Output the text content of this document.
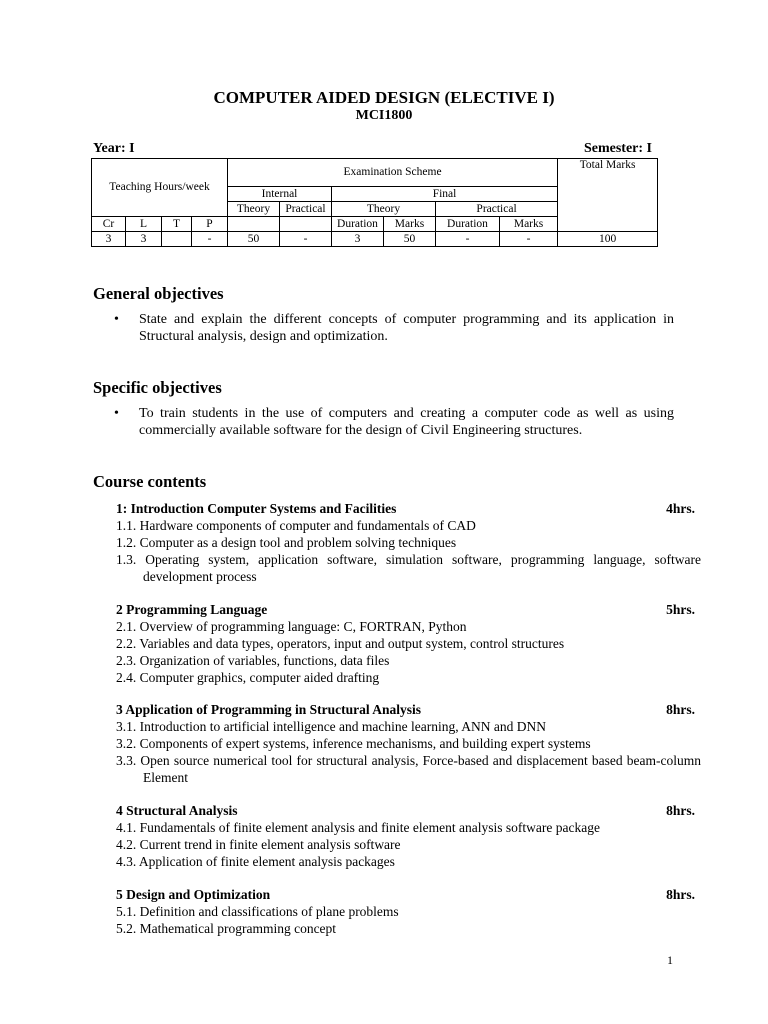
COMPUTER AIDED DESIGN (ELECTIVE I)
MCI1800
Year: I	Semester: I
Teaching Hours/week				Examination Scheme						Total Marks
				Internal		Final				
				Theory	Practical	Theory		Practical		
Cr	L	T	P			Duration	Marks	Duration	Marks	
3	3		-	50	-	3	50	-	-	100
General objectives
• State and explain the different concepts of computer programming and its application in Structural analysis, design and optimization.
Specific objectives
• To train students in the use of computers and creating a computer code as well as using commercially available software for the design of Civil Engineering structures.
Course contents
1: Introduction Computer Systems and Facilities	4hrs.
1.1. Hardware components of computer and fundamentals of CAD
1.2. Computer as a design tool and problem solving techniques
1.3. Operating system, application software, simulation software, programming language, software development process
2 Programming Language	5hrs.
2.1. Overview of programming language: C, FORTRAN, Python
2.2. Variables and data types, operators, input and output system, control structures
2.3. Organization of variables, functions, data files
2.4. Computer graphics, computer aided drafting
3 Application of Programming in Structural Analysis	8hrs.
3.1. Introduction to artificial intelligence and machine learning, ANN and DNN
3.2. Components of expert systems, inference mechanisms, and building expert systems
3.3. Open source numerical tool for structural analysis, Force-based and displacement based beam-column Element
4 Structural Analysis	8hrs.
4.1. Fundamentals of finite element analysis and finite element analysis software package
4.2. Current trend in finite element analysis software
4.3. Application of finite element analysis packages
5 Design and Optimization	8hrs.
5.1. Definition and classifications of plane problems
5.2. Mathematical programming concept
1
